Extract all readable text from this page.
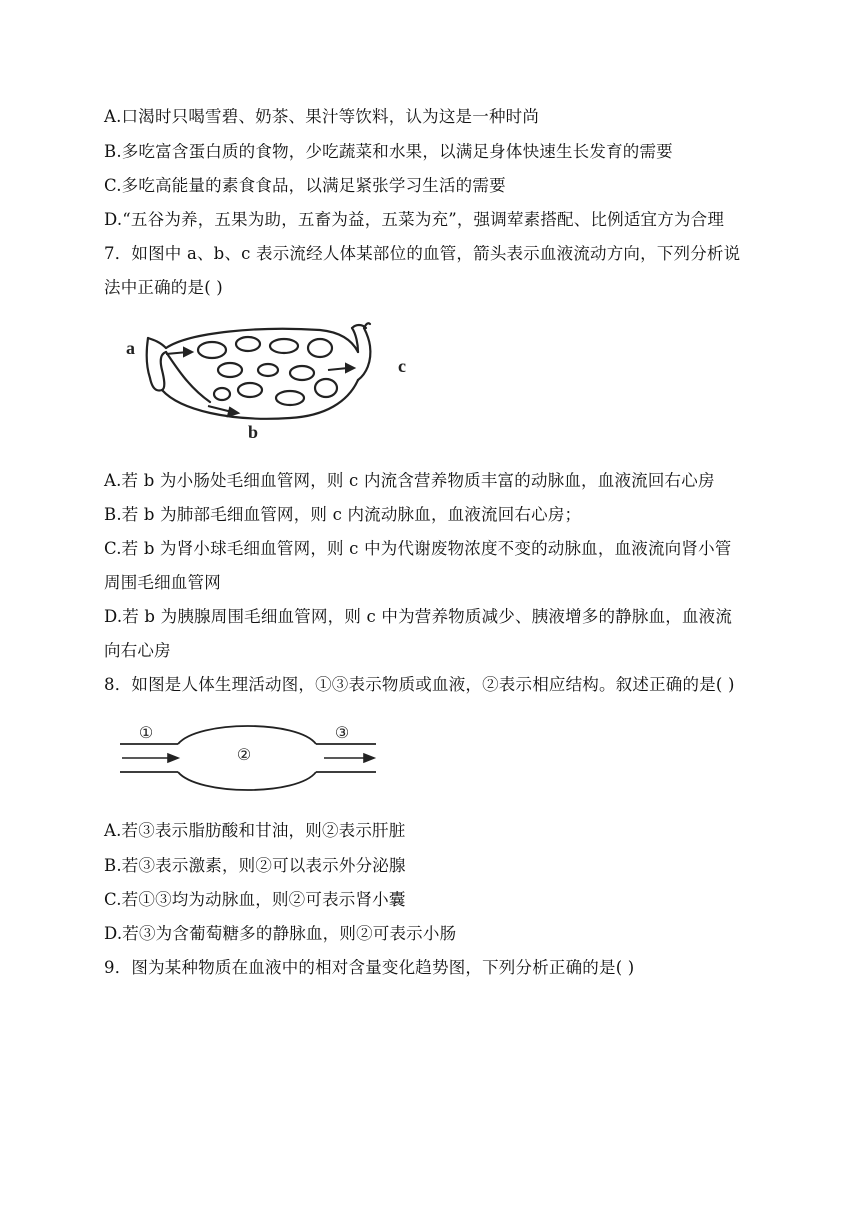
A.口渴时只喝雪碧、奶茶、果汁等饮料，认为这是一种时尚
B.多吃富含蛋白质的食物，少吃蔬菜和水果，以满足身体快速生长发育的需要
C.多吃高能量的素食食品，以满足紧张学习生活的需要
D.“五谷为养，五果为助，五畜为益，五菜为充”，强调荤素搭配、比例适宜方为合理
7．如图中 a、b、c 表示流经人体某部位的血管，箭头表示血液流动方向，下列分析说
法中正确的是( )
a
b
c
A.若 b 为小肠处毛细血管网，则 c 内流含营养物质丰富的动脉血，血液流回右心房
B.若 b 为肺部毛细血管网，则 c 内流动脉血，血液流回右心房；
C.若 b 为肾小球毛细血管网，则 c 中为代谢废物浓度不变的动脉血，血液流向肾小管
周围毛细血管网
D.若 b 为胰腺周围毛细血管网，则 c 中为营养物质减少、胰液增多的静脉血，血液流
向右心房
8．如图是人体生理活动图，①③表示物质或血液，②表示相应结构。叙述正确的是( )
①
②
③
A.若③表示脂肪酸和甘油，则②表示肝脏
B.若③表示激素，则②可以表示外分泌腺
C.若①③均为动脉血，则②可表示肾小囊
D.若③为含葡萄糖多的静脉血，则②可表示小肠
9．图为某种物质在血液中的相对含量变化趋势图，下列分析正确的是( )
